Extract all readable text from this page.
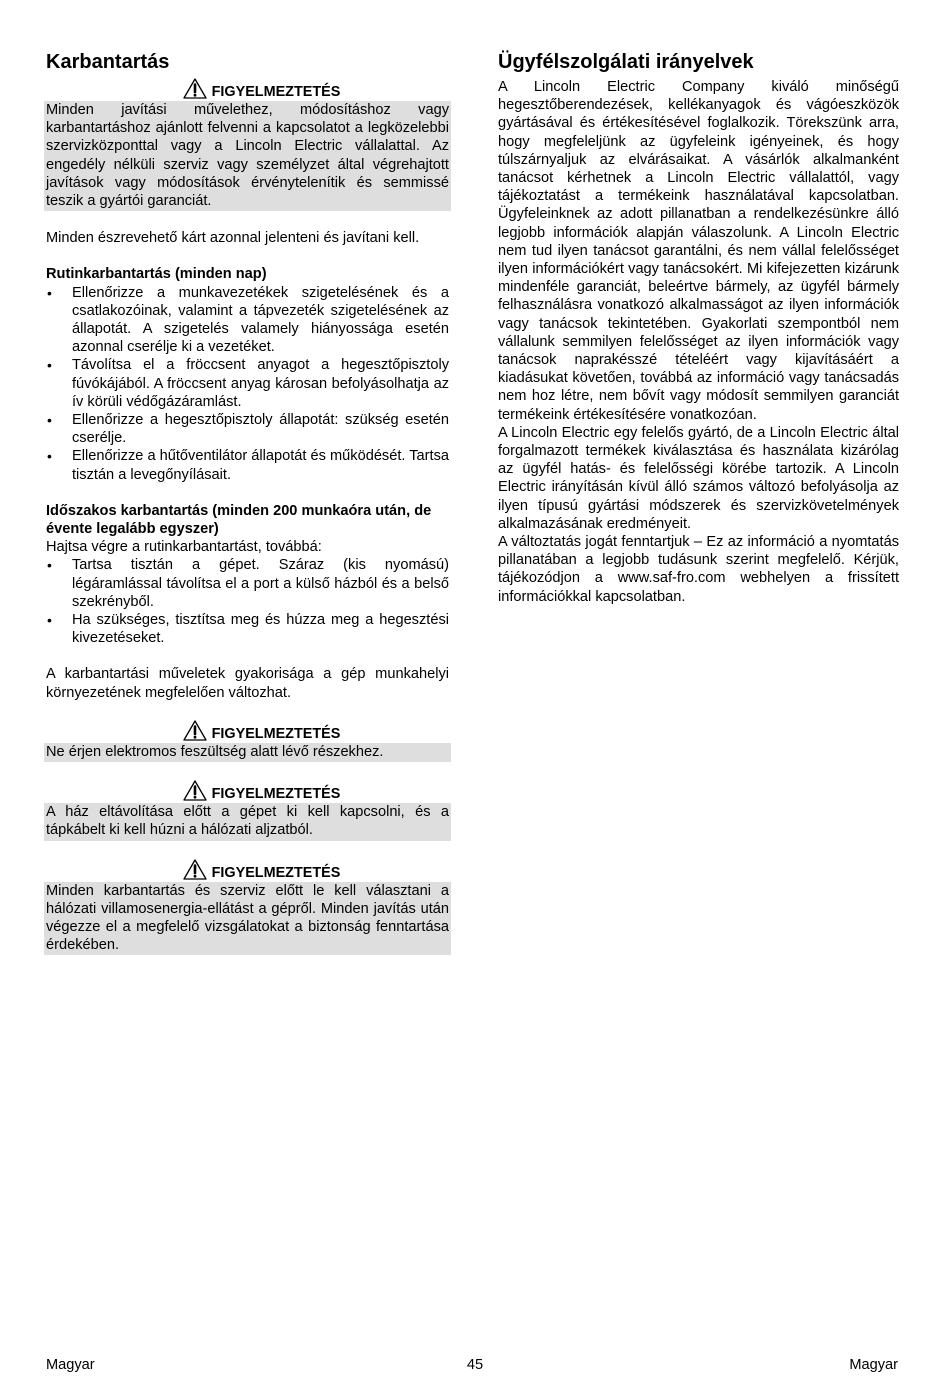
Karbantartás
FIGYELMEZTETÉS
Minden javítási művelethez, módosításhoz vagy karbantartáshoz ajánlott felvenni a kapcsolatot a legközelebbi szervizközponttal vagy a Lincoln Electric vállalattal. Az engedély nélküli szerviz vagy személyzet által végrehajtott javítások vagy módosítások érvénytelenítik és semmissé teszik a gyártói garanciát.

Minden észrevehető kárt azonnal jelenteni és javítani kell.

Rutinkarbantartás (minden nap)
• Ellenőrizze a munkavezetékek szigetelésének és a csatlakozóinak, valamint a tápvezeték szigetelésének az állapotát. A szigetelés valamely hiányossága esetén azonnal cserélje ki a vezetéket.
• Távolítsa el a fröccsent anyagot a hegesztőpisztoly fúvókájából. A fröccsent anyag károsan befolyásolhatja az ív körüli védőgázáramlást.
• Ellenőrizze a hegesztőpisztoly állapotát: szükség esetén cserélje.
• Ellenőrizze a hűtőventilátor állapotát és működését. Tartsa tisztán a levegőnyílásait.
Időszakos karbantartás (minden 200 munkaóra után, de évente legalább egyszer)

Hajtsa végre a rutinkarbantartást, továbbá:

• Tartsa tisztán a gépet. Száraz (kis nyomású) légáramlással távolítsa el a port a külső házból és a belső szekrényből.
• Ha szükséges, tisztítsa meg és húzza meg a hegesztési kivezetéseket.

A karbantartási műveletek gyakorisága a gép munkahelyi környezetének megfelelően változhat.

FIGYELMEZTETÉS
Ne érjen elektromos feszültség alatt lévő részekhez.
FIGYELMEZTETÉS
A ház eltávolítása előtt a gépet ki kell kapcsolni, és a tápkábelt ki kell húzni a hálózati aljzatból.
FIGYELMEZTETÉS
Minden karbantartás és szerviz előtt le kell választani a hálózati villamosenergia-ellátást a gépről. Minden javítás után végezze el a megfelelő vizsgálatokat a biztonság fenntartása érdekében.
Ügyfélszolgálati irányelvek

A Lincoln Electric Company kiváló minőségű hegesztőberendezések, kellékanyagok és vágóeszközök gyártásával és értékesítésével foglalkozik. Törekszünk arra, hogy megfeleljünk az ügyfeleink igényeinek, és hogy túlszárnyaljuk az elvárásaikat. A vásárlók alkalmanként tanácsot kérhetnek a Lincoln Electric vállalattól, vagy tájékoztatást a termékeink használatával kapcsolatban. Ügyfeleinknek az adott pillanatban a rendelkezésünkre álló legjobb információk alapján válaszolunk. A Lincoln Electric nem tud ilyen tanácsot garantálni, és nem vállal felelősséget ilyen információkért vagy tanácsokért. Mi kifejezetten kizárunk mindenféle garanciát, beleértve bármely, az ügyfél bármely felhasználásra vonatkozó alkalmasságot az ilyen információk vagy tanácsok tekintetében. Gyakorlati szempontból nem vállalunk semmilyen felelősséget az ilyen információk vagy tanácsok naprakésszé tételéért vagy kijavításáért a kiadásukat követően, továbbá az információ vagy tanácsadás nem hoz létre, nem bővít vagy módosít semmilyen garanciát termékeink értékesítésére vonatkozóan.

A Lincoln Electric egy felelős gyártó, de a Lincoln Electric által forgalmazott termékek kiválasztása és használata kizárólag az ügyfél hatás- és felelősségi körébe tartozik. A Lincoln Electric irányításán kívül álló számos változó befolyásolja az ilyen típusú gyártási módszerek és szervizkövetelmények alkalmazásának eredményeit.

A változtatás jogát fenntartjuk – Ez az információ a nyomtatás pillanatában a legjobb tudásunk szerint megfelelő. Kérjük, tájékozódjon a www.saf-fro.com webhelyen a frissített információkkal kapcsolatban.

Magyar	45	Magyar
